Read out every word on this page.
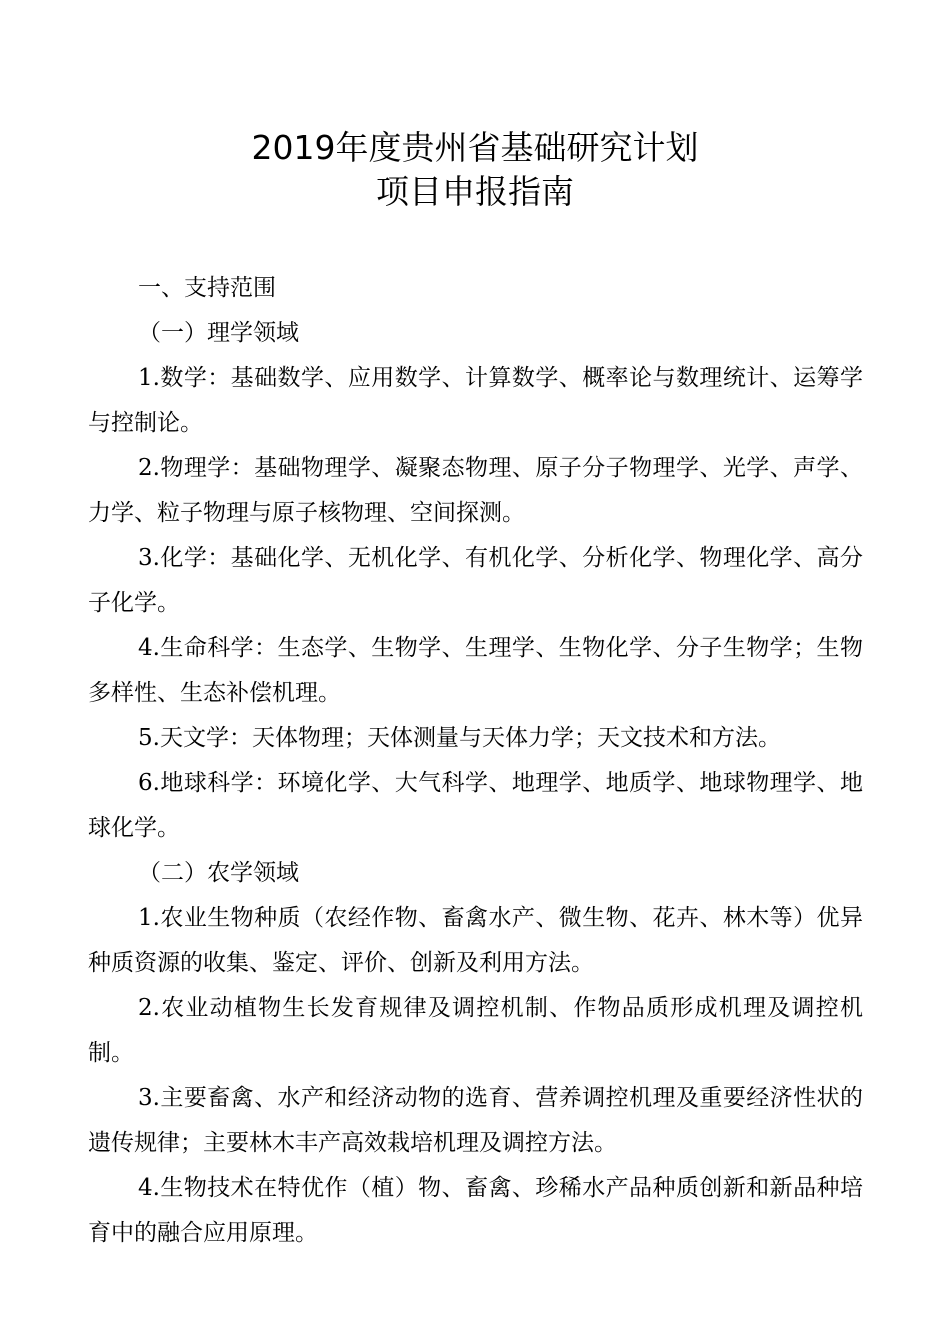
2019年度贵州省基础研究计划
项目申报指南

一、支持范围

（一）理学领域

1.数学：基础数学、应用数学、计算数学、概率论与数理统计、运筹学与控制论。

2.物理学：基础物理学、凝聚态物理、原子分子物理学、光学、声学、力学、粒子物理与原子核物理、空间探测。

3.化学：基础化学、无机化学、有机化学、分析化学、物理化学、高分子化学。

4.生命科学：生态学、生物学、生理学、生物化学、分子生物学；生物多样性、生态补偿机理。

5.天文学：天体物理；天体测量与天体力学；天文技术和方法。

6.地球科学：环境化学、大气科学、地理学、地质学、地球物理学、地球化学。

（二）农学领域

1.农业生物种质（农经作物、畜禽水产、微生物、花卉、林木等）优异种质资源的收集、鉴定、评价、创新及利用方法。

2.农业动植物生长发育规律及调控机制、作物品质形成机理及调控机制。

3.主要畜禽、水产和经济动物的选育、营养调控机理及重要经济性状的遗传规律；主要林木丰产高效栽培机理及调控方法。

4.生物技术在特优作（植）物、畜禽、珍稀水产品种质创新和新品种培育中的融合应用原理。
